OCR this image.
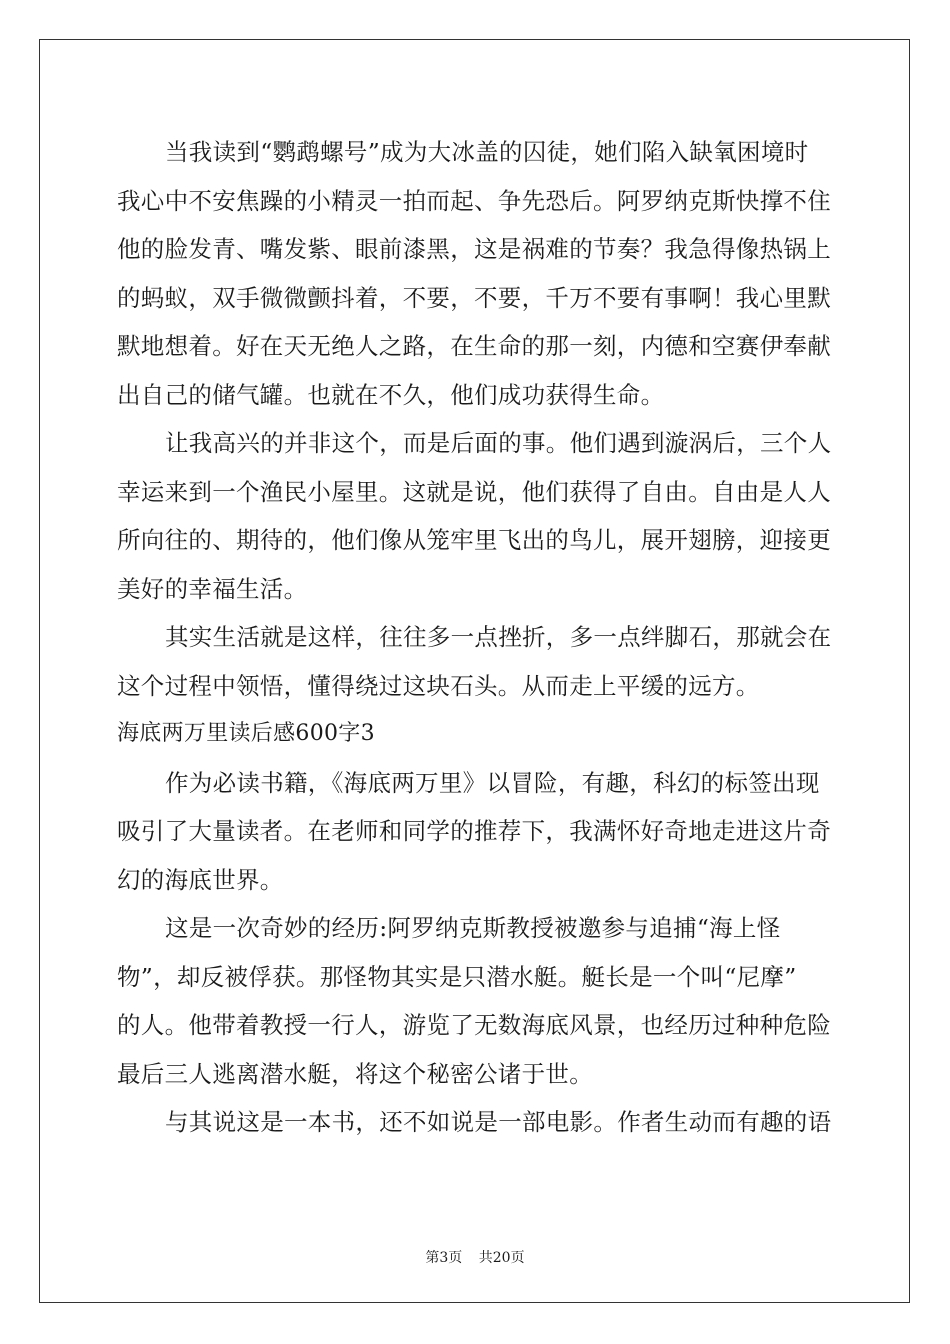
当我读到“鹦鹉螺号”成为大冰盖的囚徒，她们陷入缺氧困境时
我心中不安焦躁的小精灵一拍而起、争先恐后。阿罗纳克斯快撑不住
他的脸发青、嘴发紫、眼前漆黑，这是祸难的节奏？我急得像热锅上
的蚂蚁，双手微微颤抖着，不要，不要，千万不要有事啊！我心里默
默地想着。好在天无绝人之路，在生命的那一刻，内德和空赛伊奉献
出自己的储气罐。也就在不久，他们成功获得生命。
让我高兴的并非这个，而是后面的事。他们遇到漩涡后，三个人
幸运来到一个渔民小屋里。这就是说，他们获得了自由。自由是人人
所向往的、期待的，他们像从笼牢里飞出的鸟儿，展开翅膀，迎接更
美好的幸福生活。
其实生活就是这样，往往多一点挫折，多一点绊脚石，那就会在
这个过程中领悟，懂得绕过这块石头。从而走上平缓的远方。
海底两万里读后感600字3
作为必读书籍，《海底两万里》以冒险，有趣，科幻的标签出现
吸引了大量读者。在老师和同学的推荐下，我满怀好奇地走进这片奇
幻的海底世界。
这是一次奇妙的经历:阿罗纳克斯教授被邀参与追捕“海上怪
物”，却反被俘获。那怪物其实是只潜水艇。艇长是一个叫“尼摩”
的人。他带着教授一行人，游览了无数海底风景，也经历过种种危险
最后三人逃离潜水艇，将这个秘密公诸于世。
与其说这是一本书，还不如说是一部电影。作者生动而有趣的语
第3页 共20页
